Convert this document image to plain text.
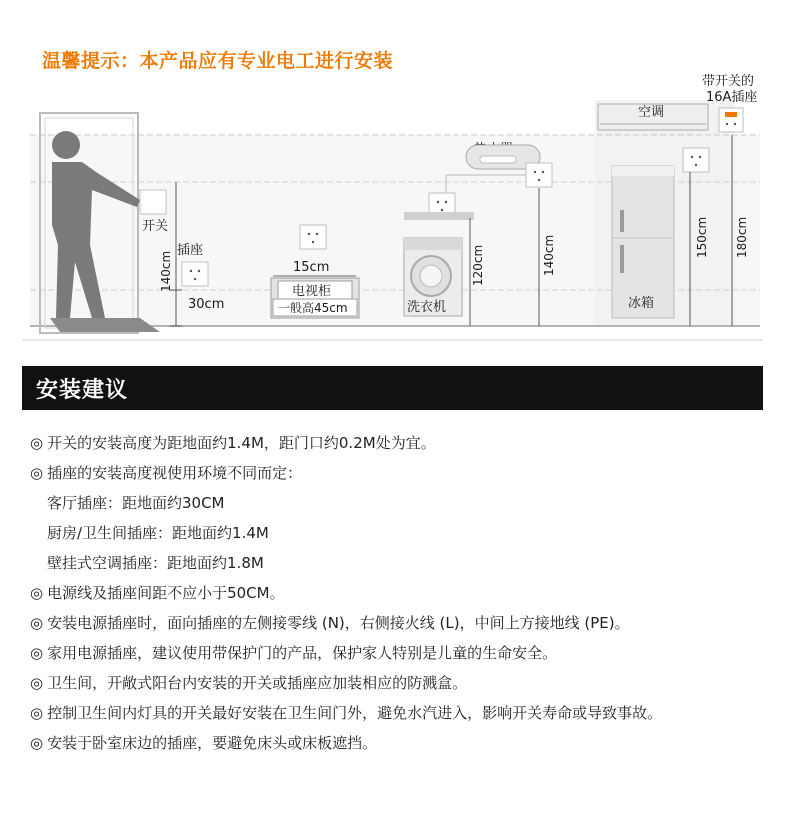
温馨提示：本产品应有专业电工进行安装
开关
插座
140cm
30cm
15cm
电视柜
一般高45cm
140cm
洗衣机
120cm
冰箱
150cm
空调
带开关的
16A插座
180cm
安装建议
◎ 开关的安装高度为距地面约1.4M，距门口约0.2M处为宜。
◎ 插座的安装高度视使用环境不同而定：
客厅插座：距地面约30CM
厨房/卫生间插座：距地面约1.4M
壁挂式空调插座：距地面约1.8M
◎ 电源线及插座间距不应小于50CM。
◎ 安装电源插座时，面向插座的左侧接零线 (N)，右侧接火线 (L)，中间上方接地线 (PE)。
◎ 家用电源插座，建议使用带保护门的产品，保护家人特别是儿童的生命安全。
◎ 卫生间，开敞式阳台内安装的开关或插座应加装相应的防溅盒。
◎ 控制卫生间内灯具的开关最好安装在卫生间门外，避免水汽进入，影响开关寿命或导致事故。
◎ 安装于卧室床边的插座，要避免床头或床板遮挡。
